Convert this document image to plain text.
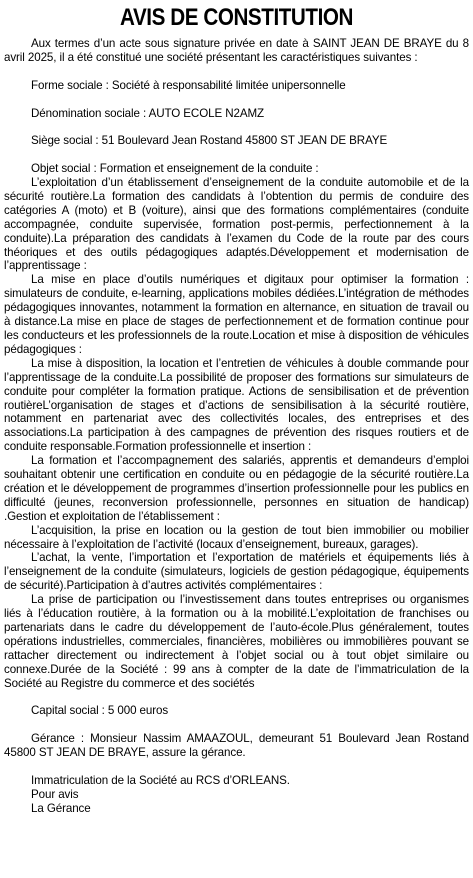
AVIS DE CONSTITUTION

Aux termes d’un acte sous signature privée en date à SAINT JEAN DE BRAYE du 8 avril 2025, il a été constitué une société présentant les caractéristiques suivantes :

Forme sociale : Société à responsabilité limitée unipersonnelle

Dénomination sociale : AUTO ECOLE N2AMZ

Siège social : 51 Boulevard Jean Rostand 45800 ST JEAN DE BRAYE

Objet social : Formation et enseignement de la conduite :

L’exploitation d’un établissement d’enseignement de la conduite automobile et de la sécurité routière.La formation des candidats à l’obtention du permis de conduire des catégories A (moto) et B (voiture), ainsi que des formations complémentaires (conduite accompagnée, conduite supervisée, formation post-permis, perfectionnement à la conduite).La préparation des candidats à l’examen du Code de la route par des cours théoriques et des outils pédagogiques adaptés.Développement et modernisation de l’apprentissage :

La mise en place d’outils numériques et digitaux pour optimiser la formation : simulateurs de conduite, e-learning, applications mobiles dédiées.L’intégration de méthodes pédagogiques innovantes, notamment la formation en alternance, en situation de travail ou à distance.La mise en place de stages de perfectionnement et de formation continue pour les conducteurs et les professionnels de la route.Location et mise à disposition de véhicules pédagogiques :

La mise à disposition, la location et l’entretien de véhicules à double commande pour l’apprentissage de la conduite.La possibilité de proposer des formations sur simulateurs de conduite pour compléter la formation pratique. Actions de sensibilisation et de prévention routièreL’organisation de stages et d’actions de sensibilisation à la sécurité routière, notamment en partenariat avec des collectivités locales, des entreprises et des associations.La participation à des campagnes de prévention des risques routiers et de conduite responsable.Formation professionnelle et insertion :

La formation et l’accompagnement des salariés, apprentis et demandeurs d’emploi souhaitant obtenir une certification en conduite ou en pédagogie de la sécurité routière.La création et le développement de programmes d’insertion professionnelle pour les publics en difficulté (jeunes, reconversion professionnelle, personnes en situation de handicap) .Gestion et exploitation de l’établissement :

L’acquisition, la prise en location ou la gestion de tout bien immobilier ou mobilier nécessaire à l’exploitation de l’activité (locaux d’enseignement, bureaux, garages).

L’achat, la vente, l’importation et l’exportation de matériels et équipements liés à l’enseignement de la conduite (simulateurs, logiciels de gestion pédagogique, équipements de sécurité).Participation à d’autres activités complémentaires :

La prise de participation ou l’investissement dans toutes entreprises ou organismes liés à l’éducation routière, à la formation ou à la mobilité.L’exploitation de franchises ou partenariats dans le cadre du développement de l’auto-école.Plus généralement, toutes opérations industrielles, commerciales, financières, mobilières ou immobilières pouvant se rattacher directement ou indirectement à l’objet social ou à tout objet similaire ou connexe.Durée de la Société : 99 ans à compter de la date de l’immatriculation de la Société au Registre du commerce et des sociétés

Capital social : 5 000 euros

Gérance : Monsieur Nassim AMAAZOUL, demeurant 51 Boulevard Jean Rostand 45800 ST JEAN DE BRAYE, assure la gérance.

Immatriculation de la Société au RCS d’ORLEANS.

Pour avis

La Gérance
